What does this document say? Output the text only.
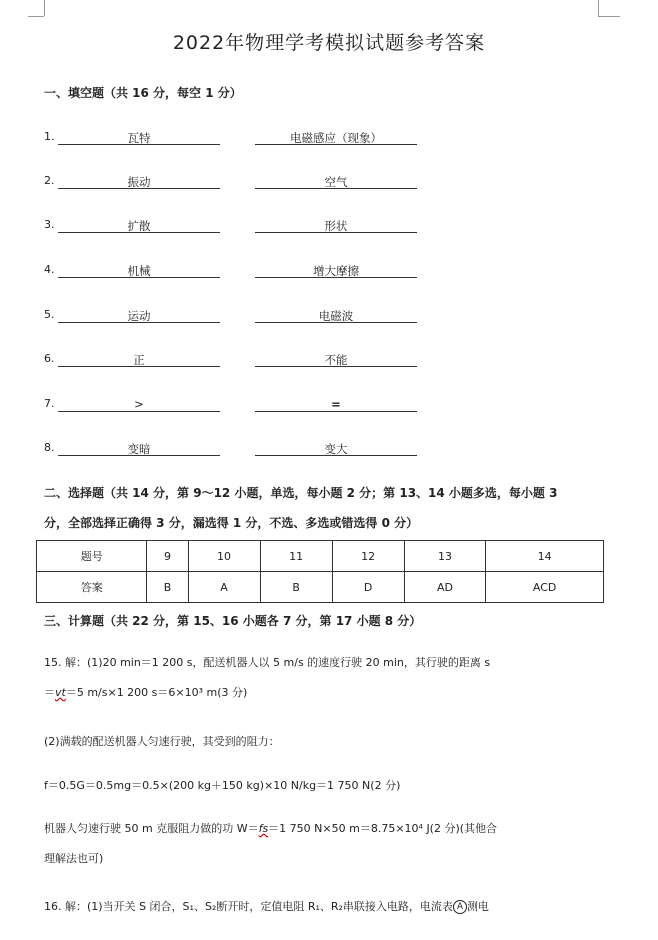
2022年物理学考模拟试题参考答案
一、填空题（共 16 分，每空 1 分）
1.	瓦特	电磁感应（现象）
2.	振动	空气
3.	扩散	形状
4.	机械	增大摩擦
5.	运动	电磁波
6.	正	不能
7.	>	=
8.	变暗	变大
二、选择题（共 14 分，第 9～12 小题，单选，每小题 2 分；第 13、14 小题多选，每小题 3
分，全部选择正确得 3 分，漏选得 1 分，不选、多选或错选得 0 分）
题号	9	10	11	12	13	14
答案	B	A	B	D	AD	ACD
三、计算题（共 22 分，第 15、16 小题各 7 分，第 17 小题 8 分）
15. 解：(1)20 min＝1 200 s，配送机器人以 5 m/s 的速度行驶 20 min，其行驶的距离 s
＝vt＝5 m/s×1 200 s＝6×10³ m(3 分)
(2)满载的配送机器人匀速行驶，其受到的阻力：
f＝0.5G＝0.5mg＝0.5×(200 kg＋150 kg)×10 N/kg＝1 750 N(2 分)
机器人匀速行驶 50 m 克服阻力做的功 W＝fs＝1 750 N×50 m＝8.75×10⁴ J(2 分)(其他合
理解法也可)
16. 解：(1)当开关 S 闭合，S₁、S₂断开时，定值电阻 R₁、R₂串联接入电路，电流表 A 测电
